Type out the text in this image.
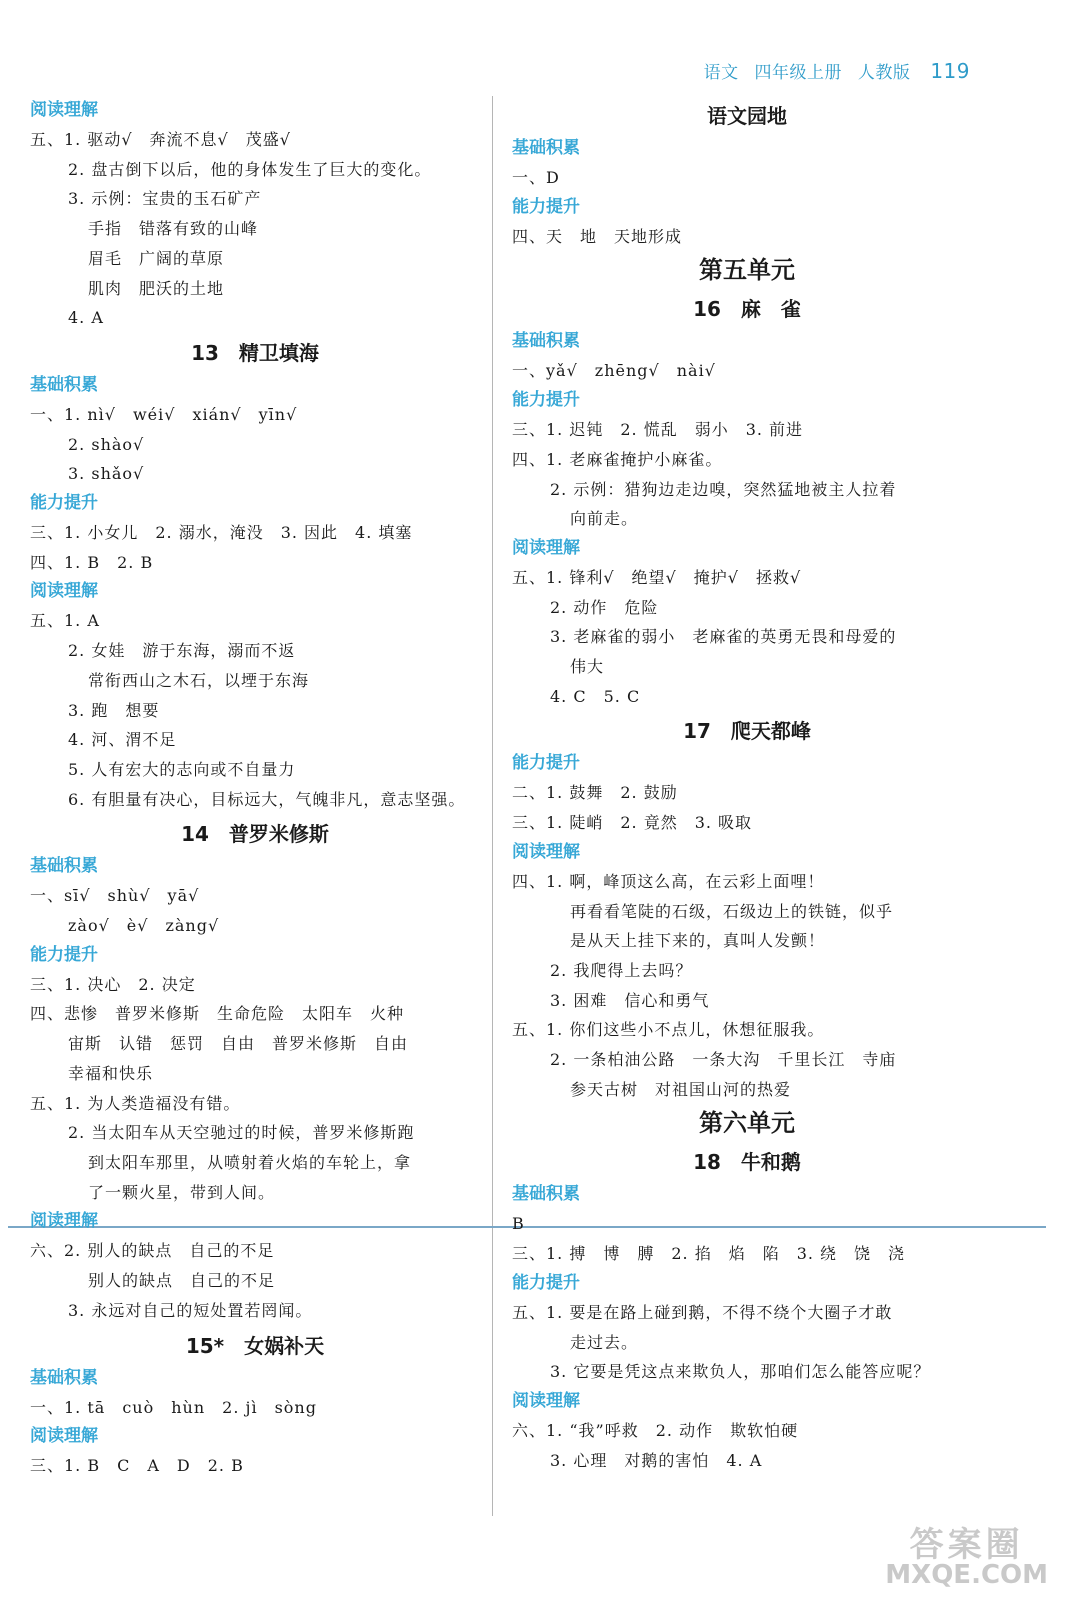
语文 四年级上册 人教版 119
阅读理解
五、1. 驱动√　奔流不息√　茂盛√
2. 盘古倒下以后，他的身体发生了巨大的变化。
3. 示例：宝贵的玉石矿产
手指　错落有致的山峰
眉毛　广阔的草原
肌肉　肥沃的土地
4. A
13　精卫填海
基础积累
一、1. nì√　wéi√　xián√　yīn√
2. shào√
3. shǎo√
能力提升
三、1. 小女儿　2. 溺水，淹没　3. 因此　4. 填塞
四、1. B　2. B
阅读理解
五、1. A
2. 女娃　游于东海，溺而不返
常衔西山之木石，以堙于东海
3. 跑　想要
4. 河、渭不足
5. 人有宏大的志向或不自量力
6. 有胆量有决心，目标远大，气魄非凡，意志坚强。
14　普罗米修斯
基础积累
一、sī√　shù√　yā√
zào√　è√　zàng√
能力提升
三、1. 决心　2. 决定
四、悲惨　普罗米修斯　生命危险　太阳车　火种
宙斯　认错　惩罚　自由　普罗米修斯　自由
幸福和快乐
五、1. 为人类造福没有错。
2. 当太阳车从天空驰过的时候，普罗米修斯跑
到太阳车那里，从喷射着火焰的车轮上，拿
了一颗火星，带到人间。
阅读理解
六、2. 别人的缺点　自己的不足
别人的缺点　自己的不足
3. 永远对自己的短处置若罔闻。
15*　女娲补天
基础积累
一、1. tā　cuò　hùn　2. jì　sòng
阅读理解
三、1. B　C　A　D　2. B
语文园地
基础积累
一、D
能力提升
四、天　地　天地形成
第五单元
16　麻　雀
基础积累
一、yǎ√　zhēng√　nài√
能力提升
三、1. 迟钝　2. 慌乱　弱小　3. 前进
四、1. 老麻雀掩护小麻雀。
2. 示例：猎狗边走边嗅，突然猛地被主人拉着
向前走。
阅读理解
五、1. 锋利√　绝望√　掩护√　拯救√
2. 动作　危险
3. 老麻雀的弱小　老麻雀的英勇无畏和母爱的
伟大
4. C　5. C
17　爬天都峰
能力提升
二、1. 鼓舞　2. 鼓励
三、1. 陡峭　2. 竟然　3. 吸取
阅读理解
四、1. 啊，峰顶这么高，在云彩上面哩！
再看看笔陡的石级，石级边上的铁链，似乎
是从天上挂下来的，真叫人发颤！
2. 我爬得上去吗？
3. 困难　信心和勇气
五、1. 你们这些小不点儿，休想征服我。
2. 一条柏油公路　一条大沟　千里长江　寺庙
参天古树　对祖国山河的热爱
第六单元
18　牛和鹅
基础积累
B
三、1. 搏　博　膊　2. 掐　焰　陷　3. 绕　饶　浇
能力提升
五、1. 要是在路上碰到鹅，不得不绕个大圈子才敢
走过去。
3. 它要是凭这点来欺负人，那咱们怎么能答应呢？
阅读理解
六、1. “我”呼救　2. 动作　欺软怕硬
3. 心理　对鹅的害怕　4. A
答案圈
MXQE.COM
